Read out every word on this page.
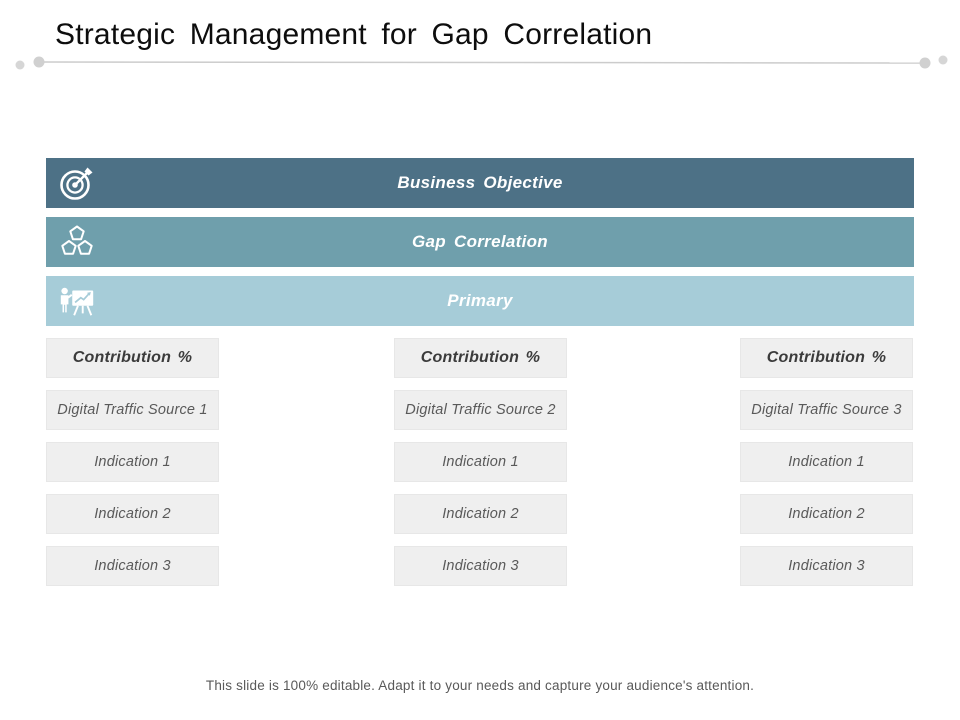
Strategic Management for Gap Correlation
Business Objective
Gap Correlation
Primary
Contribution %
Digital Traffic Source 1
Indication 1
Indication 2
Indication 3
Contribution %
Digital Traffic Source 2
Indication 1
Indication 2
Indication 3
Contribution %
Digital Traffic Source 3
Indication 1
Indication 2
Indication 3
This slide is 100% editable. Adapt it to your needs and capture your audience's attention.
